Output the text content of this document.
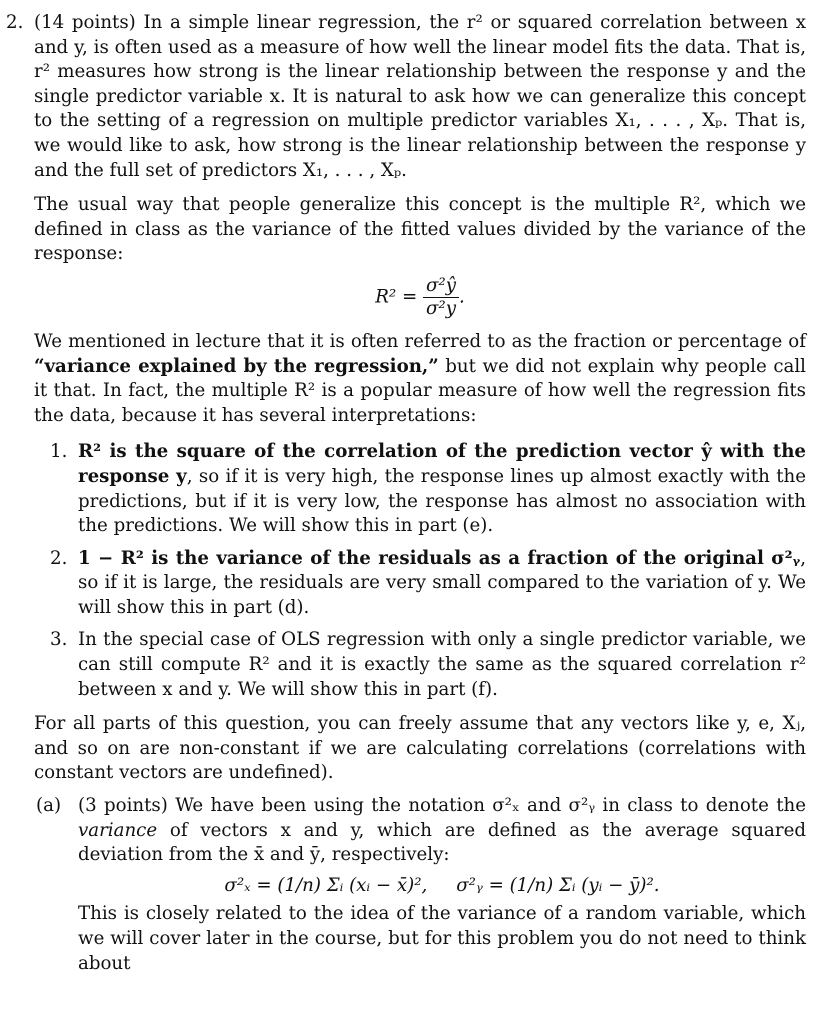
2. (14 points) In a simple linear regression, the r² or squared correlation between x and y, is often used as a measure of how well the linear model fits the data. That is, r² measures how strong is the linear relationship between the response y and the single predictor variable x. It is natural to ask how we can generalize this concept to the setting of a regression on multiple predictor variables X₁, . . . , Xₚ. That is, we would like to ask, how strong is the linear relationship between the response y and the full set of predictors X₁, . . . , Xₚ.

The usual way that people generalize this concept is the multiple R², which we defined in class as the variance of the fitted values divided by the variance of the response:

$R^2 = \frac{\text{σ²ŷ}}{\text{σ²y}}$ .

We mentioned in lecture that it is often referred to as the fraction or percentage of “variance explained by the regression,” but we did not explain why people call it that. In fact, the multiple R² is a popular measure of how well the regression fits the data, because it has several interpretations:

1. R² is the square of the correlation of the prediction vector ŷ with the response y, so if it is very high, the response lines up almost exactly with the predictions, but if it is very low, the response has almost no association with the predictions. We will show this in part (e).
2. 1 − R² is the variance of the residuals as a fraction of the original σ²ᵧ, so if it is large, the residuals are very small compared to the variation of y. We will show this in part (d).
3. In the special case of OLS regression with only a single predictor variable, we can still compute R² and it is exactly the same as the squared correlation r² between x and y. We will show this in part (f).

For all parts of this question, you can freely assume that any vectors like y, e, Xⱼ, and so on are non-constant if we are calculating correlations (correlations with constant vectors are undefined).

(a) (3 points) We have been using the notation σ²ₓ and σ²ᵧ in class to denote the variance of vectors x and y, which are defined as the average squared deviation from the x̄ and ȳ, respectively:

σ²ₓ = (1/n) Σᵢ (xᵢ − x̄)², σ²ᵧ = (1/n) Σᵢ (yᵢ − ȳ)².

This is closely related to the idea of the variance of a random variable, which we will cover later in the course, but for this problem you do not need to think about
